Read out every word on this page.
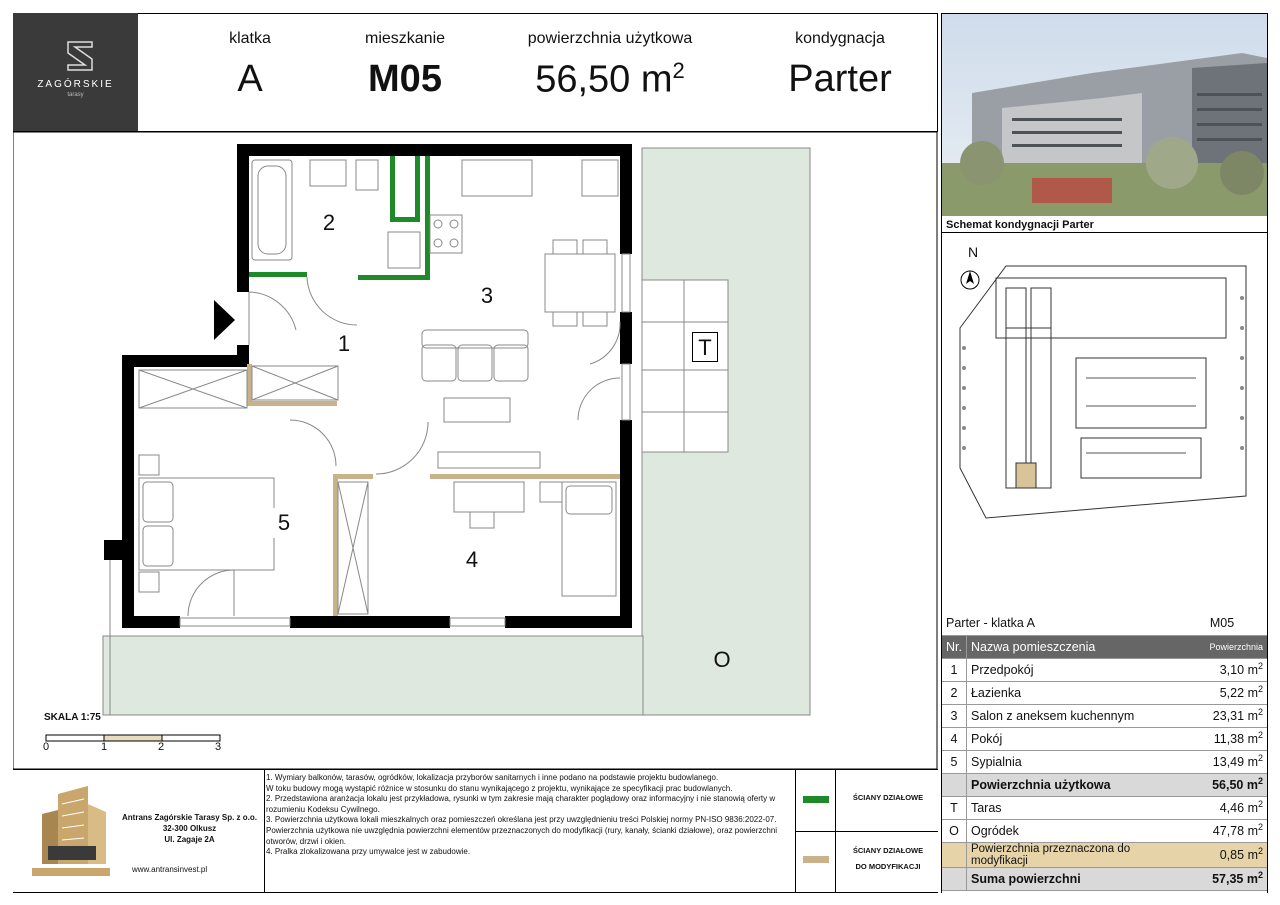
ZAGÓRSKIE
tarasy
klatka
A
mieszkanie
M05
powierzchnia użytkowa
56,50 $m^2$
kondygnacja
Parter
1
2
3
4
5
T
O
SKALA 1:75
0	1	2	3
Schemat kondygnacji Parter
N
Parter - klatka A		M05
Nr.	Nazwa pomieszczenia	Powierzchnia
1	Przedpokój	3,10 $m^2$
2	Łazienka	5,22 $m^2$
3	Salon z aneksem kuchennym	23,31 $m^2$
4	Pokój	11,38 $m^2$
5	Sypialnia	13,49 $m^2$
	Powierzchnia użytkowa	56,50 $m^2$
T	Taras	4,46 $m^2$
O	Ogródek	47,78 $m^2$
	Powierzchnia przeznaczona do modyfikacji	0,85 $m^2$
	Suma powierzchni	57,35 $m^2$
Antrans Zagórskie Tarasy Sp. z o.o.
32-300 Olkusz
Ul. Zagaje 2A
www.antransinvest.pl
1. Wymiary balkonów, tarasów, ogródków, lokalizacja przyborów sanitarnych i inne podano na podstawie projektu budowlanego.
W toku budowy mogą wystąpić różnice w stosunku do stanu wynikającego z projektu, wynikające ze specyfikacji prac budowlanych.
2. Przedstawiona aranżacja lokalu jest przykładowa, rysunki w tym zakresie mają charakter poglądowy oraz informacyjny i nie stanowią oferty w rozumieniu Kodeksu Cywilnego.
3. Powierzchnia użytkowa lokali mieszkalnych oraz pomieszczeń określana jest przy uwzględnieniu treści Polskiej normy PN-ISO 9836:2022-07.
Powierzchnia użytkowa nie uwzględnia powierzchni elementów przeznaczonych do modyfikacji (rury, kanały, ścianki działowe), oraz powierzchni otworów, drzwi i okien.
4. Pralka zlokalizowana przy umywalce jest w zabudowie.
ŚCIANY DZIAŁOWE
ŚCIANY DZIAŁOWE
DO MODYFIKACJI
